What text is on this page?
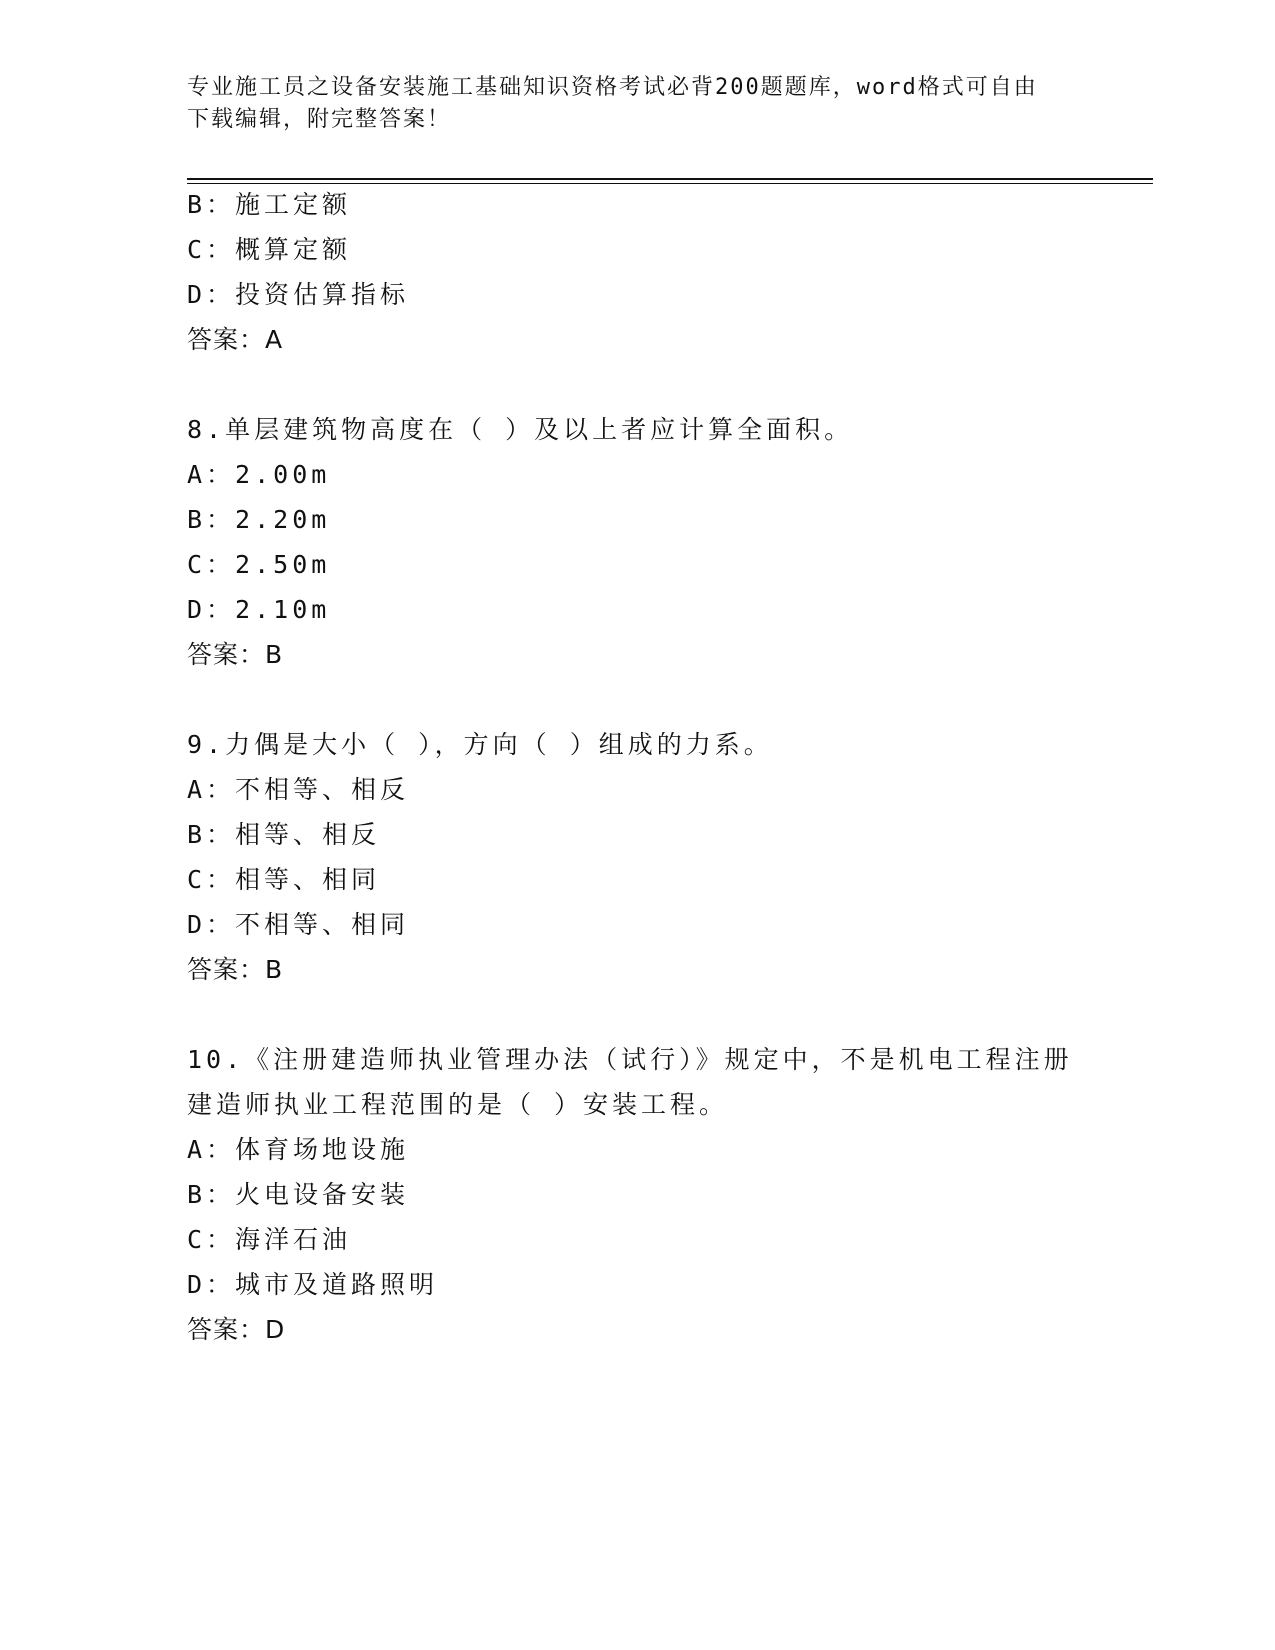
专业施工员之设备安装施工基础知识资格考试必背200题题库，word格式可自由
下载编辑，附完整答案！
B：施工定额
C：概算定额
D：投资估算指标
答案：A
8.单层建筑物高度在（ ）及以上者应计算全面积。
A：2.00m
B：2.20m
C：2.50m
D：2.10m
答案：B
9.力偶是大小（ ），方向（ ）组成的力系。
A：不相等、相反
B：相等、相反
C：相等、相同
D：不相等、相同
答案：B
10.《注册建造师执业管理办法（试行）》规定中，不是机电工程注册
建造师执业工程范围的是（ ）安装工程。
A：体育场地设施
B：火电设备安装
C：海洋石油
D：城市及道路照明
答案：D
